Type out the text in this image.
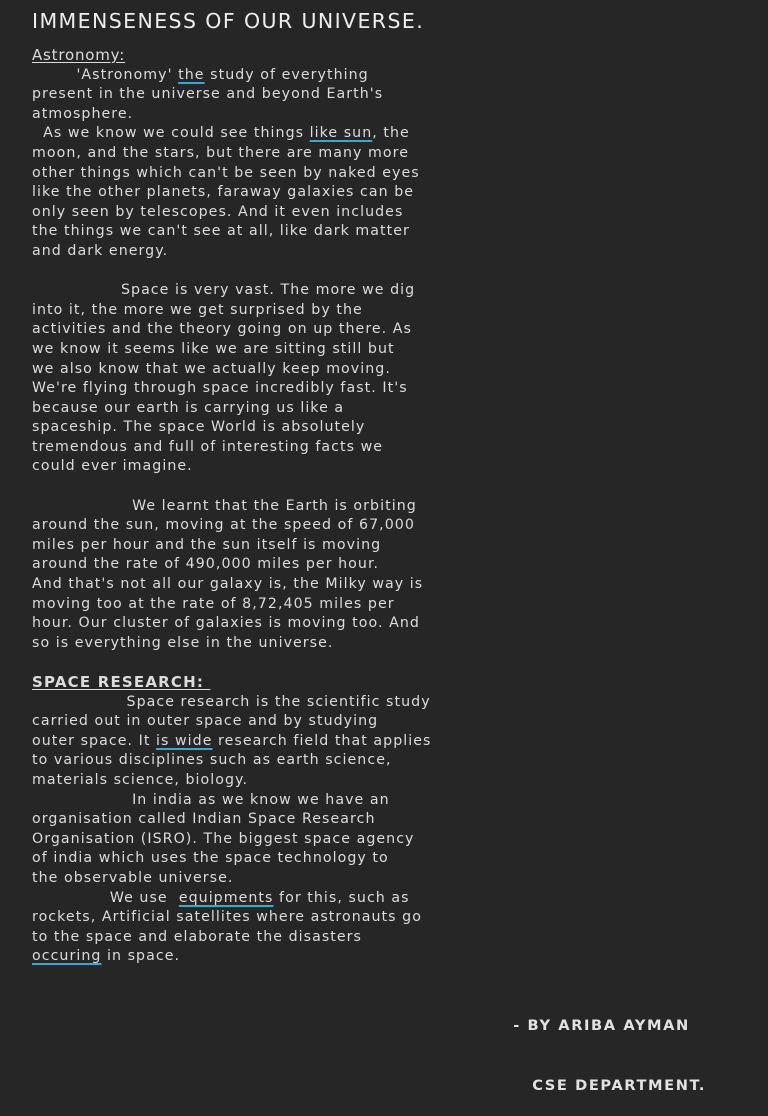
IMMENSENESS OF OUR UNIVERSE.
Astronomy:
'Astronomy' the study of everything
present in the universe and beyond Earth's
atmosphere.
As we know we could see things like sun, the
moon, and the stars, but there are many more
other things which can't be seen by naked eyes
like the other planets, faraway galaxies can be
only seen by telescopes. And it even includes
the things we can't see at all, like dark matter
and dark energy.
Space is very vast. The more we dig
into it, the more we get surprised by the
activities and the theory going on up there. As
we know it seems like we are sitting still but
we also know that we actually keep moving.
We're flying through space incredibly fast. It's
because our earth is carrying us like a
spaceship. The space World is absolutely
tremendous and full of interesting facts we
could ever imagine.
We learnt that the Earth is orbiting
around the sun, moving at the speed of 67,000
miles per hour and the sun itself is moving
around the rate of 490,000 miles per hour.
And that's not all our galaxy is, the Milky way is
moving too at the rate of 8,72,405 miles per
hour. Our cluster of galaxies is moving too. And
so is everything else in the universe.
SPACE RESEARCH:
Space research is the scientific study
carried out in outer space and by studying
outer space. It is wide research field that applies
to various disciplines such as earth science,
materials science, biology.
In india as we know we have an
organisation called Indian Space Research
Organisation (ISRO). The biggest space agency
of india which uses the space technology to
the observable universe.
We use  equipments for this, such as
rockets, Artificial satellites where astronauts go
to the space and elaborate the disasters
occuring in space.

- BY ARIBA AYMAN

CSE DEPARTMENT.
